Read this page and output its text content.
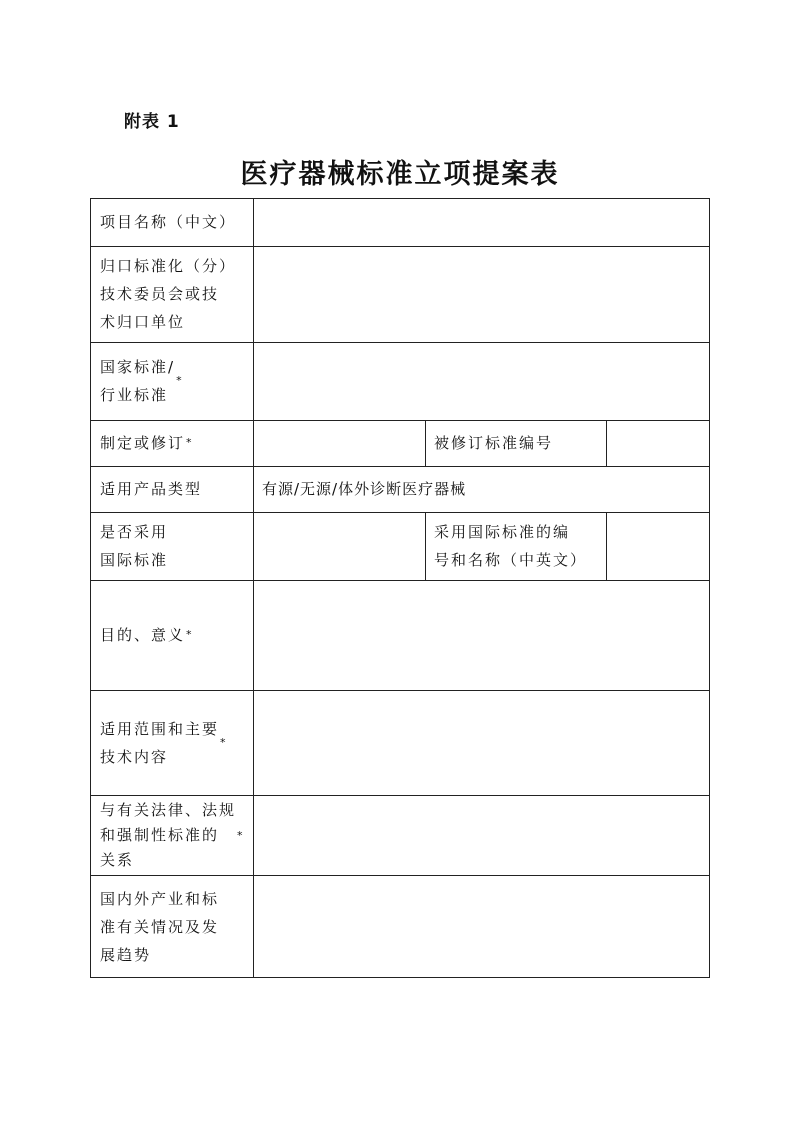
附表 1
医疗器械标准立项提案表
项目名称（中文）
归口标准化（分）
技术委员会或技
术归口单位
国家标准/
行业标准
*
制定或修订 *	被修订标准编号
适用产品类型	有源/无源/体外诊断医疗器械
是否采用
国际标准
采用国际标准的编
号和名称（中英文）
目的、意义 *
适用范围和主要
技术内容
*
与有关法律、法规
和强制性标准的
关系
*
国内外产业和标
准有关情况及发
展趋势
